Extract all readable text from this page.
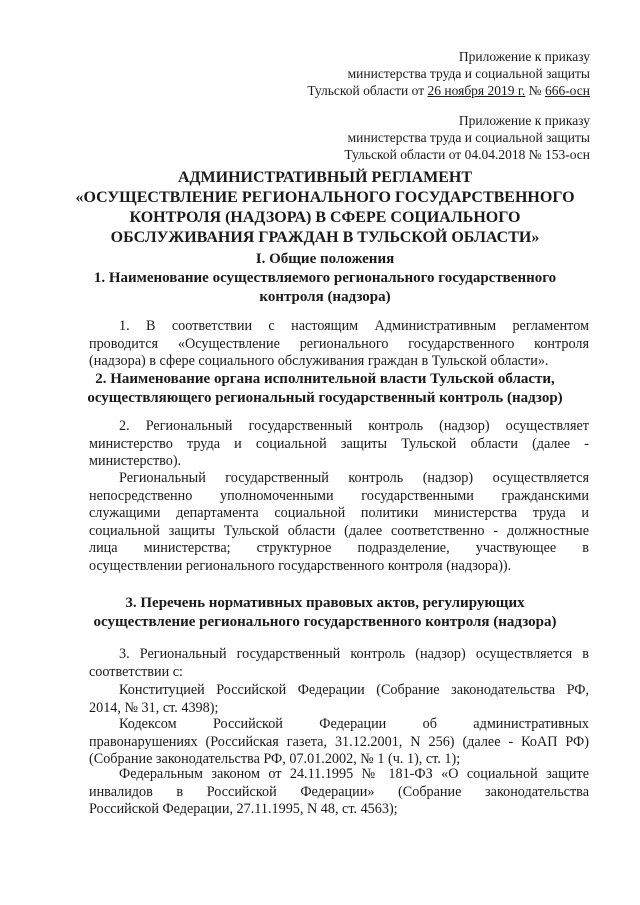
Приложение к приказу
министерства труда и социальной защиты
Тульской области от 26 ноября 2019 г. № 666-осн
Приложение к приказу
министерства труда и социальной защиты
Тульской области от 04.04.2018 № 153-осн
АДМИНИСТРАТИВНЫЙ РЕГЛАМЕНТ
«ОСУЩЕСТВЛЕНИЕ РЕГИОНАЛЬНОГО ГОСУДАРСТВЕННОГО
КОНТРОЛЯ (НАДЗОРА) В СФЕРЕ СОЦИАЛЬНОГО
ОБСЛУЖИВАНИЯ ГРАЖДАН В ТУЛЬСКОЙ ОБЛАСТИ»
I. Общие положения
1. Наименование осуществляемого регионального государственного
контроля (надзора)
1. В соответствии с настоящим Административным регламентом
проводится «Осуществление регионального государственного контроля
(надзора) в сфере социального обслуживания граждан в Тульской области».
2. Наименование органа исполнительной власти Тульской области,
осуществляющего региональный государственный контроль (надзор)
2. Региональный государственный контроль (надзор) осуществляет
министерство труда и социальной защиты Тульской области (далее -
министерство).
Региональный государственный контроль (надзор) осуществляется
непосредственно уполномоченными государственными гражданскими
служащими департамента социальной политики министерства труда и
социальной защиты Тульской области (далее соответственно - должностные
лица министерства; структурное подразделение, участвующее в
осуществлении регионального государственного контроля (надзора)).
3. Перечень нормативных правовых актов, регулирующих
осуществление регионального государственного контроля (надзора)
3. Региональный государственный контроль (надзор) осуществляется в
соответствии с:
Конституцией Российской Федерации (Собрание законодательства РФ,
2014, № 31, ст. 4398);
Кодексом Российской Федерации об административных
правонарушениях (Российская газета, 31.12.2001, N 256) (далее - КоАП РФ)
(Собрание законодательства РФ, 07.01.2002, № 1 (ч. 1), ст. 1);
Федеральным законом от 24.11.1995 № 181-ФЗ «О социальной защите
инвалидов в Российской Федерации» (Собрание законодательства
Российской Федерации, 27.11.1995, N 48, ст. 4563);
